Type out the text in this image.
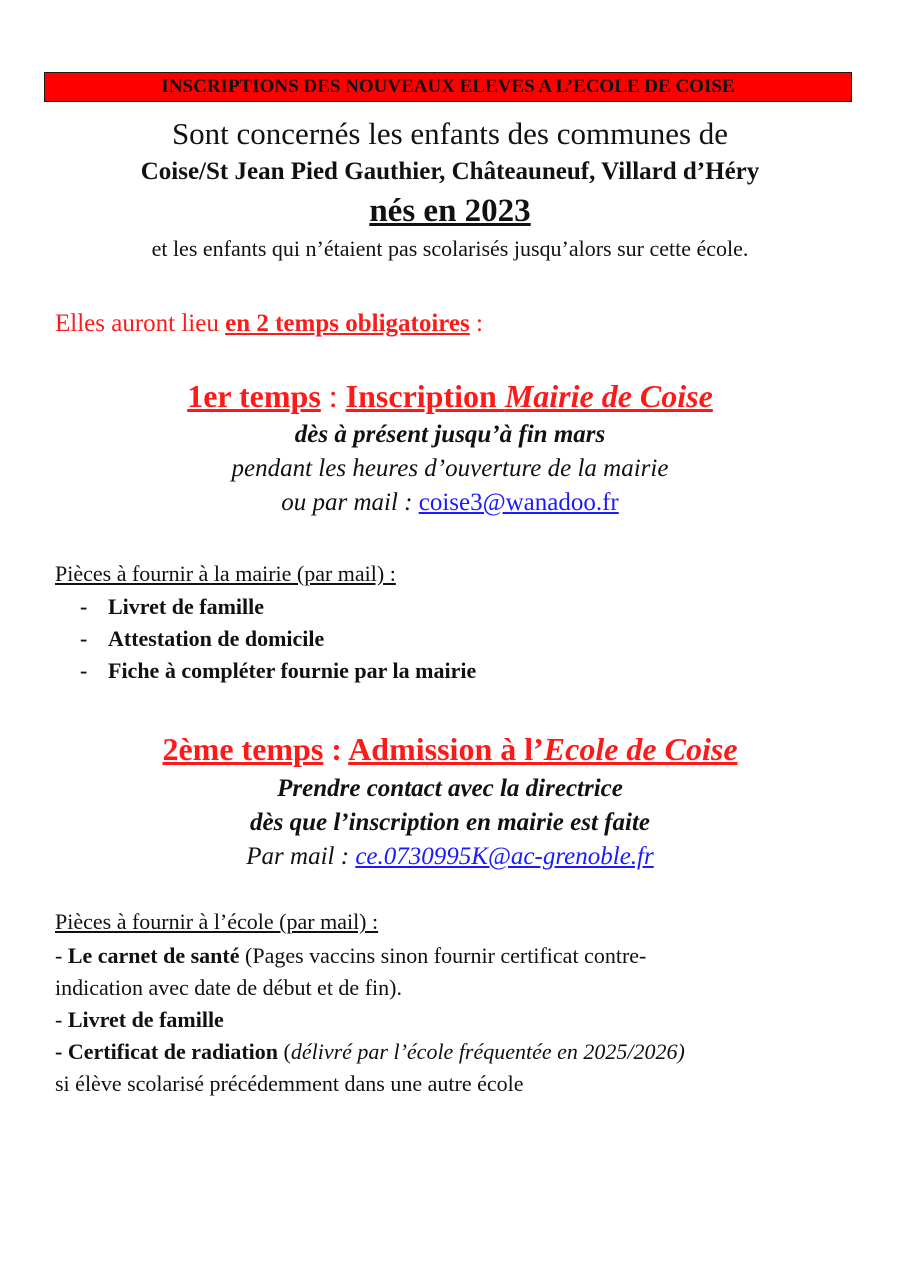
INSCRIPTIONS DES NOUVEAUX ELEVES A L’ECOLE DE COISE
Sont concernés les enfants des communes de
Coise/St Jean Pied Gauthier, Châteauneuf, Villard d’Héry
nés en 2023
et les enfants qui n’étaient pas scolarisés jusqu’alors sur cette école.
Elles auront lieu en 2 temps obligatoires :
1er temps : Inscription Mairie de Coise
dès à présent jusqu’à fin mars
pendant les heures d’ouverture de la mairie
ou par mail : coise3@wanadoo.fr
Pièces à fournir à la mairie (par mail) :
- Livret de famille
- Attestation de domicile
- Fiche à compléter fournie par la mairie
2ème temps : Admission à l’Ecole de Coise
Prendre contact avec la directrice
dès que l’inscription en mairie est faite
Par mail : ce.0730995K@ac-grenoble.fr
Pièces à fournir à l’école (par mail) :
- Le carnet de santé (Pages vaccins sinon fournir certificat contre-
indication avec date de début et de fin).
- Livret de famille
- Certificat de radiation (délivré par l’école fréquentée en 2025/2026)
si élève scolarisé précédemment dans une autre école
